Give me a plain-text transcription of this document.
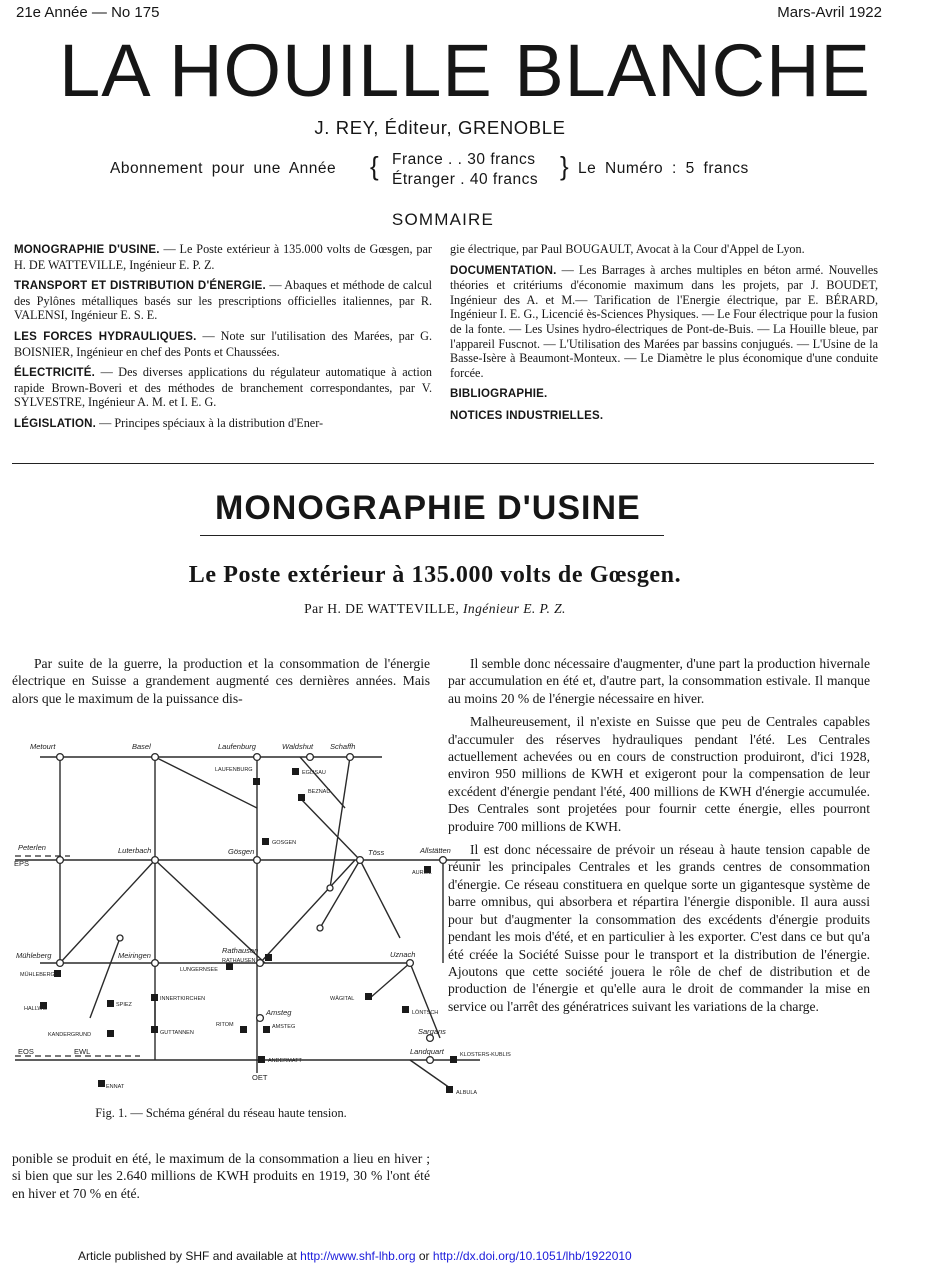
21e Année — No 175	Mars-Avril 1922
LA HOUILLE BLANCHE
J. REY, Éditeur, GRENOBLE
Abonnement pour une Année { France . . 30 francs
Étranger . 40 francs } Le Numéro : 5 francs
SOMMAIRE

MONOGRAPHIE D'USINE. — Le Poste extérieur à 135.000 volts de Gœsgen, par H. DE WATTEVILLE, Ingénieur E. P. Z.

TRANSPORT ET DISTRIBUTION D'ÉNERGIE. — Abaques et méthode de calcul des Pylônes métalliques basés sur les prescriptions officielles italiennes, par R. VALENSI, Ingénieur E. S. E.

LES FORCES HYDRAULIQUES. — Note sur l'utilisation des Marées, par G. BOISNIER, Ingénieur en chef des Ponts et Chaussées.

ÉLECTRICITÉ. — Des diverses applications du régulateur automatique à action rapide Brown-Boveri et des méthodes de branchement correspondantes, par V. SYLVESTRE, Ingénieur A. M. et I. E. G.

LÉGISLATION. — Principes spéciaux à la distribution d'Ener-

gie électrique, par Paul BOUGAULT, Avocat à la Cour d'Appel de Lyon.

DOCUMENTATION. — Les Barrages à arches multiples en béton armé. Nouvelles théories et critériums d'économie maximum dans les projets, par J. BOUDET, Ingénieur des A. et M.— Tarification de l'Energie électrique, par E. BÉRARD, Ingénieur I. E. G., Licencié ès-Sciences Physiques. — Le Four électrique pour la fusion de la fonte. — Les Usines hydro-électriques de Pont-de-Buis. — La Houille bleue, par l'appareil Fuscnot. — L'Utilisation des Marées par bassins conjugués. — L'Usine de la Basse-Isère à Beaumont-Monteux. — Le Diamètre le plus économique d'une conduite forcée.

BIBLIOGRAPHIE.

NOTICES INDUSTRIELLES.

MONOGRAPHIE D'USINE
Le Poste extérieur à 135.000 volts de Gœsgen.
Par H. DE WATTEVILLE, Ingénieur E. P. Z.

Par suite de la guerre, la production et la consommation de l'énergie électrique en Suisse a grandement augmenté ces dernières années. Mais alors que le maximum de la puissance dis-

Metourt	Basel	Laufenburg	Waldshut Schaffh
LAUFENBURG	EGLISAU
BEZNAU
Peterlen
EPS
Luterbach	Gösgen
GOSGEN
Töss	Allstätten
AURIEL
Mühleberg
MÜHLEBERG
Meiringen
Rathausen
RATHAUSEN
LUNGERNSEE
Uznach
WÄGITAL
LÖNTSCH
HALLWIL
SPIEZ
KANDERGRUND
INNERTKIRCHEN
GUTTANNEN
Amsteg
AMSTEG
RITOM
Sargans
EOS	EWL	Landquart	KLOSTERS-KUBLIS
ANDERMATT
OET
ENNAT
ALBULA
Fig. 1. — Schéma général du réseau haute tension.

ponible se produit en été, le maximum de la consommation a lieu en hiver ; si bien que sur les 2.640 millions de KWH produits en 1919, 30 % l'ont été en hiver et 70 % en été.

Il semble donc nécessaire d'augmenter, d'une part la production hivernale par accumulation en été et, d'autre part, la consommation estivale. Il manque au moins 20 % de l'énergie nécessaire en hiver.

Malheureusement, il n'existe en Suisse que peu de Centrales capables d'accumuler des réserves hydrauliques pendant l'été. Les Centrales actuellement achevées ou en cours de construction produiront, d'ici 1928, environ 950 millions de KWH et exigeront pour la compensation de leur excédent d'énergie pendant l'été, 400 millions de KWH d'énergie accumulée. Des Centrales sont projetées pour fournir cette énergie, elles pourront produire 700 millions de KWH.

Il est donc nécessaire de prévoir un réseau à haute tension capable de réunir les principales Centrales et les grands centres de consommation d'énergie. Ce réseau constituera en quelque sorte un gigantesque système de barre omnibus, qui absorbera et répartira l'énergie disponible. Il aura aussi pour but d'augmenter la consommation des excédents d'énergie produits pendant les mois d'été, et en particulier à les exporter. C'est dans ce but qu'a été créée la Société Suisse pour le transport et la distribution de l'énergie. Ajoutons que cette société jouera le rôle de chef de distribution et de production de l'énergie et qu'elle aura le droit de commander la mise en service ou l'arrêt des génératrices suivant les variations de la charge.

Article published by SHF and available at http://www.shf-lhb.org or http://dx.doi.org/10.1051/lhb/1922010
